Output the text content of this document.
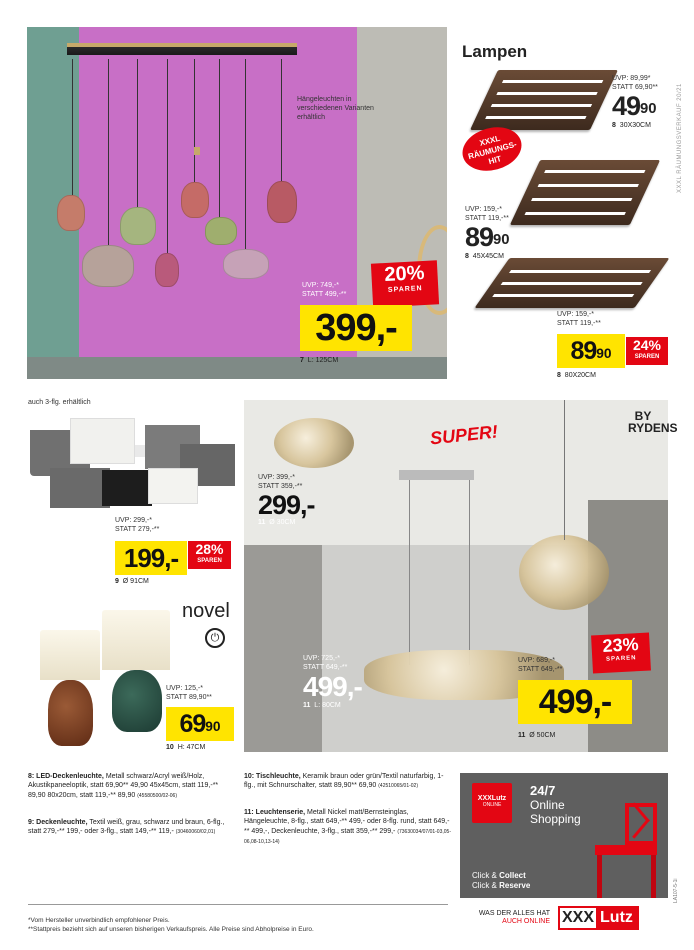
XXXL RÄUMUNGSVERKAUF 20/21
Hängeleuchten in verschiedenen Varianten erhältlich
UVP: 749,-*
STATT 499,-**
20%
SPAREN
399,-
7 L: 125CM
Lampen
XXXL RÄUMUNGS-HIT
UVP: 89,99*
STATT 69,90**
$49^{90}$
8 30X30CM
UVP: 159,-*
STATT 119,-**
$89^{90}$
8 45X45CM
UVP: 159,-*
STATT 119,-**
$89^{90}$
24%
SPAREN
8 80X20CM
auch 3-flg. erhältlich
UVP: 299,-*
STATT 279,-**
199,-	28%
SPAREN
9 Ø 91CM
novel
⏻
UVP: 125,-*
STATT 89,90**
$69^{90}$
10 H: 47CM
SUPER!
BY RYDENS
UVP: 399,-*
STATT 359,-**
299,-
11 Ø 30CM
UVP: 725,-*
STATT 649,-**
499,-
11 L: 80CM
UVP: 689,-*
STATT 649,-**
23%
SPAREN
499,-
11 Ø 50CM
8: LED-Deckenleuchte, Metall schwarz/Acryl weiß/Holz, Akustikpaneeloptik, statt 69,90** 49,90 45x45cm, statt 119,-** 89,90 80x20cm, statt 119,-** 89,90 (45580500/02-06)
9: Deckenleuchte, Textil weiß, grau, schwarz und braun, 6-flg., statt 279,-** 199,- oder 3-flg., statt 149,-** 119,- (30460060/02,01)
10: Tischleuchte, Keramik braun oder grün/Textil naturfarbig, 1-flg., mit Schnurschalter, statt 89,90** 69,90 (42510065/01-02)
11: Leuchtenserie, Metall Nickel matt/Bernsteinglas, Hängeleuchte, 8-flg., statt 649,-** 499,- oder 8-flg. rund, statt 649,-** 499,-, Deckenleuchte, 3-flg., statt 359,-** 299,- (73630034/07/01-03,05-06,08-10,13-14)
XXXLutz
ONLINE
24/7
Online
Shopping
Click & Collect
Click & Reserve
WAS DER ALLES HAT
AUCH ONLINE XXX Lutz
*Vom Hersteller unverbindlich empfohlener Preis.
**Stattpreis bezieht sich auf unseren bisherigen Verkaufspreis. Alle Preise sind Abholpreise in Euro.
LA107-5-1i
